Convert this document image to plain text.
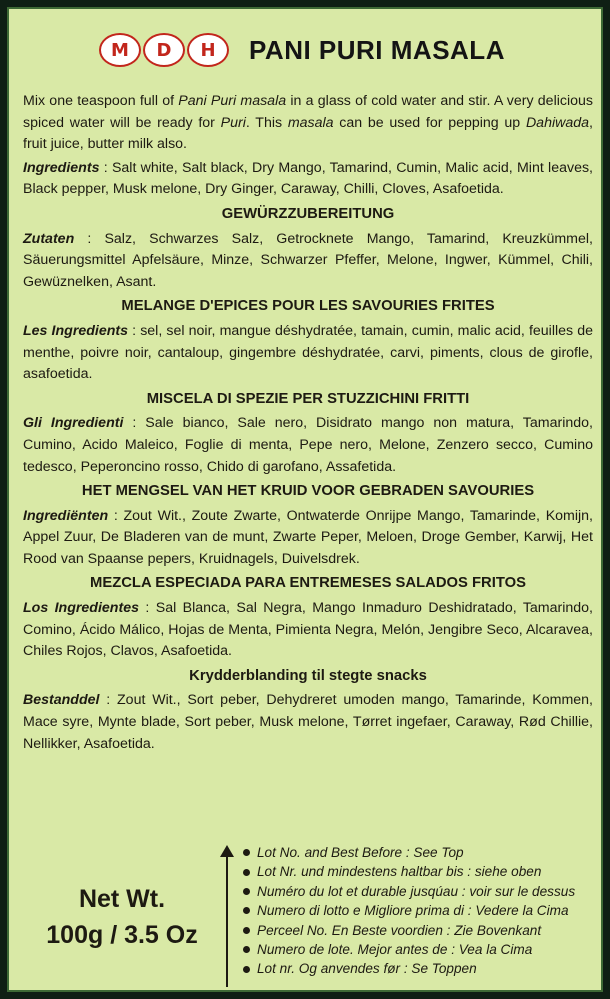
M	D	H	PANI PURI MASALA

Mix one teaspoon full of Pani Puri masala in a glass of cold water and stir. A very delicious spiced water will be ready for Puri. This masala can be used for pepping up Dahiwada, fruit juice, butter milk also.

Ingredients : Salt white, Salt black, Dry Mango, Tamarind, Cumin, Malic acid, Mint leaves, Black pepper, Musk melone, Dry Ginger, Caraway, Chilli, Cloves, Asafoetida.

GEWÜRZZUBEREITUNG

Zutaten : Salz, Schwarzes Salz, Getrocknete Mango, Tamarind, Kreuzkümmel, Säuerungsmittel Apfelsäure, Minze, Schwarzer Pfeffer, Melone, Ingwer, Kümmel, Chili, Gewüznelken, Asant.

MELANGE D'EPICES POUR LES SAVOURIES FRITES

Les Ingredients : sel, sel noir, mangue déshydratée, tamain, cumin, malic acid, feuilles de menthe, poivre noir, cantaloup, gingembre déshydratée, carvi, piments, clous de girofle, asafoetida.

MISCELA DI SPEZIE PER STUZZICHINI FRITTI

Gli Ingredienti : Sale bianco, Sale nero, Disidrato mango non matura, Tamarindo, Cumino, Acido Maleico, Foglie di menta, Pepe nero, Melone, Zenzero secco, Cumino tedesco, Peperoncino rosso, Chido di garofano, Assafetida.

HET MENGSEL VAN HET KRUID VOOR GEBRADEN SAVOURIES

Ingrediënten : Zout Wit., Zoute Zwarte, Ontwaterde Onrijpe Mango, Tamarinde, Komijn, Appel Zuur, De Bladeren van de munt, Zwarte Peper, Meloen, Droge Gember, Karwij, Het Rood van Spaanse pepers, Kruidnagels, Duivelsdrek.

MEZCLA ESPECIADA PARA ENTREMESES SALADOS FRITOS

Los Ingredientes : Sal Blanca, Sal Negra, Mango Inmaduro Deshidratado, Tamarindo, Comino, Ácido Málico, Hojas de Menta, Pimienta Negra, Melón, Jengibre Seco, Alcaravea, Chiles Rojos, Clavos, Asafoetida.

Krydderblanding til stegte snacks

Bestanddel : Zout Wit., Sort peber, Dehydreret umoden mango, Tamarinde, Kommen, Mace syre, Mynte blade, Sort peber, Musk melone, Tørret ingefaer, Caraway, Rød Chillie, Nellikker, Asafoetida.

Net Wt.
100g / 3.5 Oz
Lot No. and Best Before : See Top
Lot Nr. und mindestens haltbar bis : siehe oben
Numéro du lot et durable jusqúau : voir sur le dessus
Numero di lotto e Migliore prima di : Vedere la Cima
Perceel No. En Beste voordien : Zie Bovenkant
Numero de lote. Mejor antes de : Vea la Cima
Lot nr. Og anvendes før : Se Toppen
